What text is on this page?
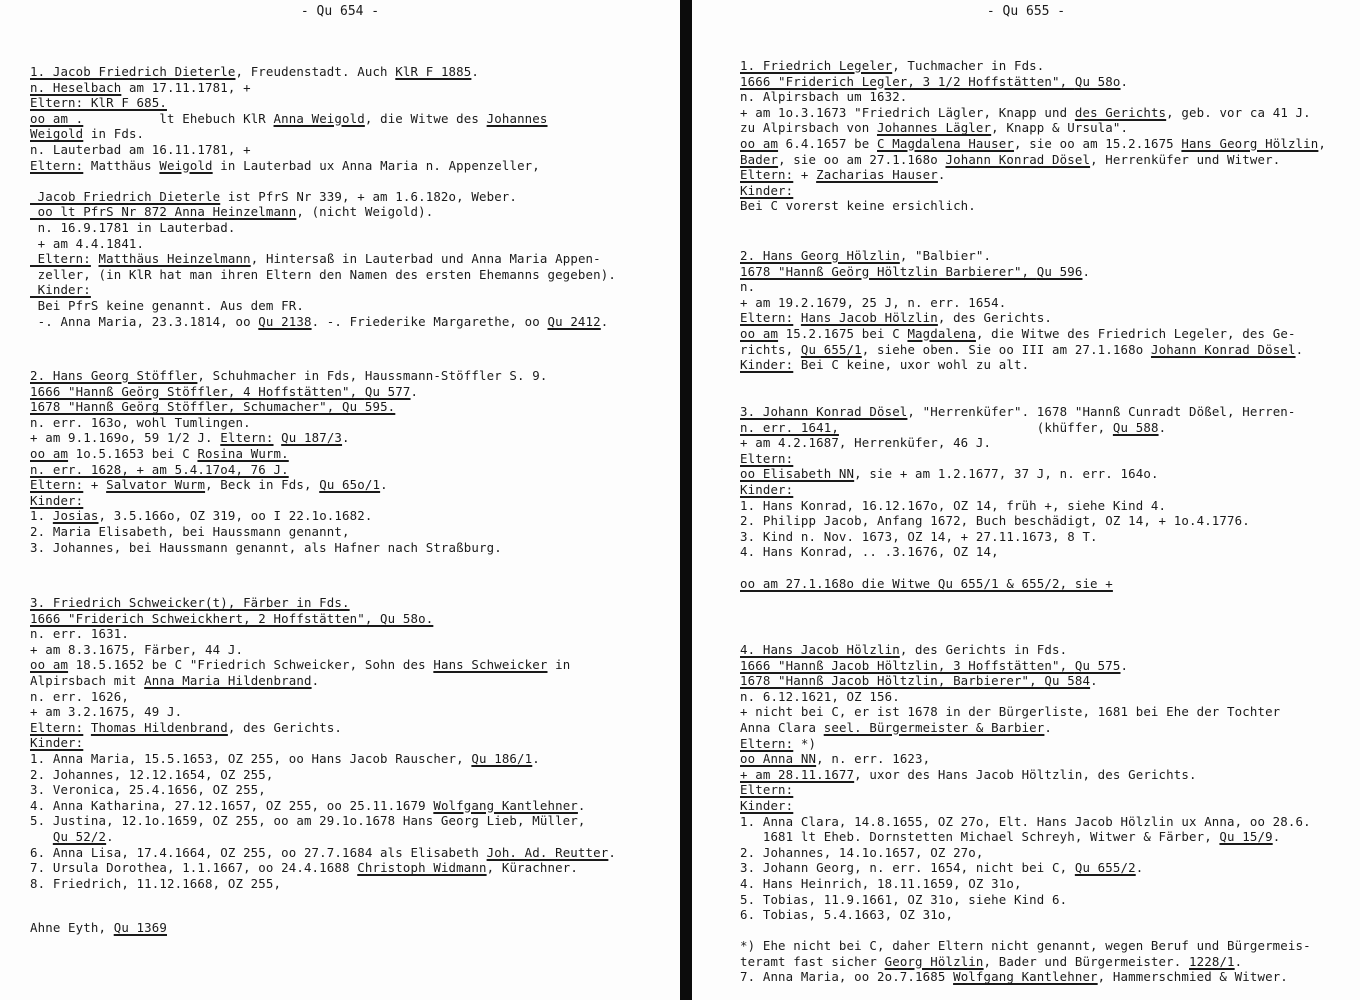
- Qu 654 -
1. Jacob Friedrich Dieterle, Freudenstadt. Auch KlR F 1885.
n. Heselbach am 17.11.1781, +
Eltern: KlR F 685.
oo am .          lt Ehebuch KlR Anna Weigold, die Witwe des Johannes
Weigold in Fds.
n. Lauterbad am 16.11.1781, +
Eltern: Matthäus Weigold in Lauterbad ux Anna Maria n. Appenzeller,
Jacob Friedrich Dieterle ist PfrS Nr 339, + am 1.6.182o, Weber.
oo lt PfrS Nr 872 Anna Heinzelmann, (nicht Weigold).
n. 16.9.1781 in Lauterbad.
+ am 4.4.1841.
Eltern: Matthäus Heinzelmann, Hintersaß in Lauterbad und Anna Maria Appen-
zeller, (in KlR hat man ihren Eltern den Namen des ersten Ehemanns gegeben).
Kinder:
Bei PfrS keine genannt. Aus dem FR.
-. Anna Maria, 23.3.1814, oo Qu 2138. -. Friederike Margarethe, oo Qu 2412.
2. Hans Georg Stöffler, Schuhmacher in Fds, Haussmann-Stöffler S. 9.
1666 "Hannß Geörg Stöffler, 4 Hoffstätten", Qu 577.
1678 "Hannß Geörg Stöffler, Schumacher", Qu 595.
n. err. 163o, wohl Tumlingen.
+ am 9.1.169o, 59 1/2 J. Eltern: Qu 187/3.
oo am 1o.5.1653 bei C Rosina Wurm.
n. err. 1628, + am 5.4.17o4, 76 J.
Eltern: + Salvator Wurm, Beck in Fds, Qu 65o/1.
Kinder:
1. Josias, 3.5.166o, OZ 319, oo I 22.1o.1682.
2. Maria Elisabeth, bei Haussmann genannt,
3. Johannes, bei Haussmann genannt, als Hafner nach Straßburg.
3. Friedrich Schweicker(t), Färber in Fds.
1666 "Friderich Schweickhert, 2 Hoffstätten", Qu 58o.
n. err. 1631.
+ am 8.3.1675, Färber, 44 J.
oo am 18.5.1652 be C "Friedrich Schweicker, Sohn des Hans Schweicker in
Alpirsbach mit Anna Maria Hildenbrand.
n. err. 1626,
+ am 3.2.1675, 49 J.
Eltern: Thomas Hildenbrand, des Gerichts.
Kinder:
1. Anna Maria, 15.5.1653, OZ 255, oo Hans Jacob Rauscher, Qu 186/1.
2. Johannes, 12.12.1654, OZ 255,
3. Veronica, 25.4.1656, OZ 255,
4. Anna Katharina, 27.12.1657, OZ 255, oo 25.11.1679 Wolfgang Kantlehner.
5. Justina, 12.1o.1659, OZ 255, oo am 29.1o.1678 Hans Georg Lieb, Müller,
Qu 52/2.
6. Anna Lisa, 17.4.1664, OZ 255, oo 27.7.1684 als Elisabeth Joh. Ad. Reutter.
7. Ursula Dorothea, 1.1.1667, oo 24.4.1688 Christoph Widmann, Kürachner.
8. Friedrich, 11.12.1668, OZ 255,
Ahne Eyth, Qu 1369
- Qu 655 -
1. Friedrich Legeler, Tuchmacher in Fds.
1666 "Friderich Legler, 3 1/2 Hoffstätten", Qu 58o.
n. Alpirsbach um 1632.
+ am 1o.3.1673 "Friedrich Lägler, Knapp und des Gerichts, geb. vor ca 41 J.
zu Alpirsbach von Johannes Lägler, Knapp & Ursula".
oo am 6.4.1657 be C Magdalena Hauser, sie oo am 15.2.1675 Hans Georg Hölzlin,
Bader, sie oo am 27.1.168o Johann Konrad Dösel, Herrenküfer und Witwer.
Eltern: + Zacharias Hauser.
Kinder:
Bei C vorerst keine ersichlich.
2. Hans Georg Hölzlin, "Balbier".
1678 "Hannß Geörg Höltzlin Barbierer", Qu 596.
n.
+ am 19.2.1679, 25 J, n. err. 1654.
Eltern: Hans Jacob Hölzlin, des Gerichts.
oo am 15.2.1675 bei C Magdalena, die Witwe des Friedrich Legeler, des Ge-
richts, Qu 655/1, siehe oben. Sie oo III am 27.1.168o Johann Konrad Dösel.
Kinder: Bei C keine, uxor wohl zu alt.
3. Johann Konrad Dösel, "Herrenküfer". 1678 "Hannß Cunradt Dößel, Herren-
n. err. 1641,                          (khüffer, Qu 588.
+ am 4.2.1687, Herrenküfer, 46 J.
Eltern:
oo Elisabeth NN, sie + am 1.2.1677, 37 J, n. err. 164o.
Kinder:
1. Hans Konrad, 16.12.167o, OZ 14, früh +, siehe Kind 4.
2. Philipp Jacob, Anfang 1672, Buch beschädigt, OZ 14, + 1o.4.1776.
3. Kind n. Nov. 1673, OZ 14, + 27.11.1673, 8 T.
4. Hans Konrad, .. .3.1676, OZ 14,
oo am 27.1.168o die Witwe Qu 655/1 & 655/2, sie +
4. Hans Jacob Hölzlin, des Gerichts in Fds.
1666 "Hannß Jacob Höltzlin, 3 Hoffstätten", Qu 575.
1678 "Hannß Jacob Höltzlin, Barbierer", Qu 584.
n. 6.12.1621, OZ 156.
+ nicht bei C, er ist 1678 in der Bürgerliste, 1681 bei Ehe der Tochter
Anna Clara seel. Bürgermeister & Barbier.
Eltern: *)
oo Anna NN, n. err. 1623,
+ am 28.11.1677, uxor des Hans Jacob Höltzlin, des Gerichts.
Eltern:
Kinder:
1. Anna Clara, 14.8.1655, OZ 27o, Elt. Hans Jacob Hölzlin ux Anna, oo 28.6.
1681 lt Eheb. Dornstetten Michael Schreyh, Witwer & Färber, Qu 15/9.
2. Johannes, 14.1o.1657, OZ 27o,
3. Johann Georg, n. err. 1654, nicht bei C, Qu 655/2.
4. Hans Heinrich, 18.11.1659, OZ 31o,
5. Tobias, 11.9.1661, OZ 31o, siehe Kind 6.
6. Tobias, 5.4.1663, OZ 31o,
*) Ehe nicht bei C, daher Eltern nicht genannt, wegen Beruf und Bürgermeis-
teramt fast sicher Georg Hölzlin, Bader und Bürgermeister. 1228/1.
7. Anna Maria, oo 2o.7.1685 Wolfgang Kantlehner, Hammerschmied & Witwer.
